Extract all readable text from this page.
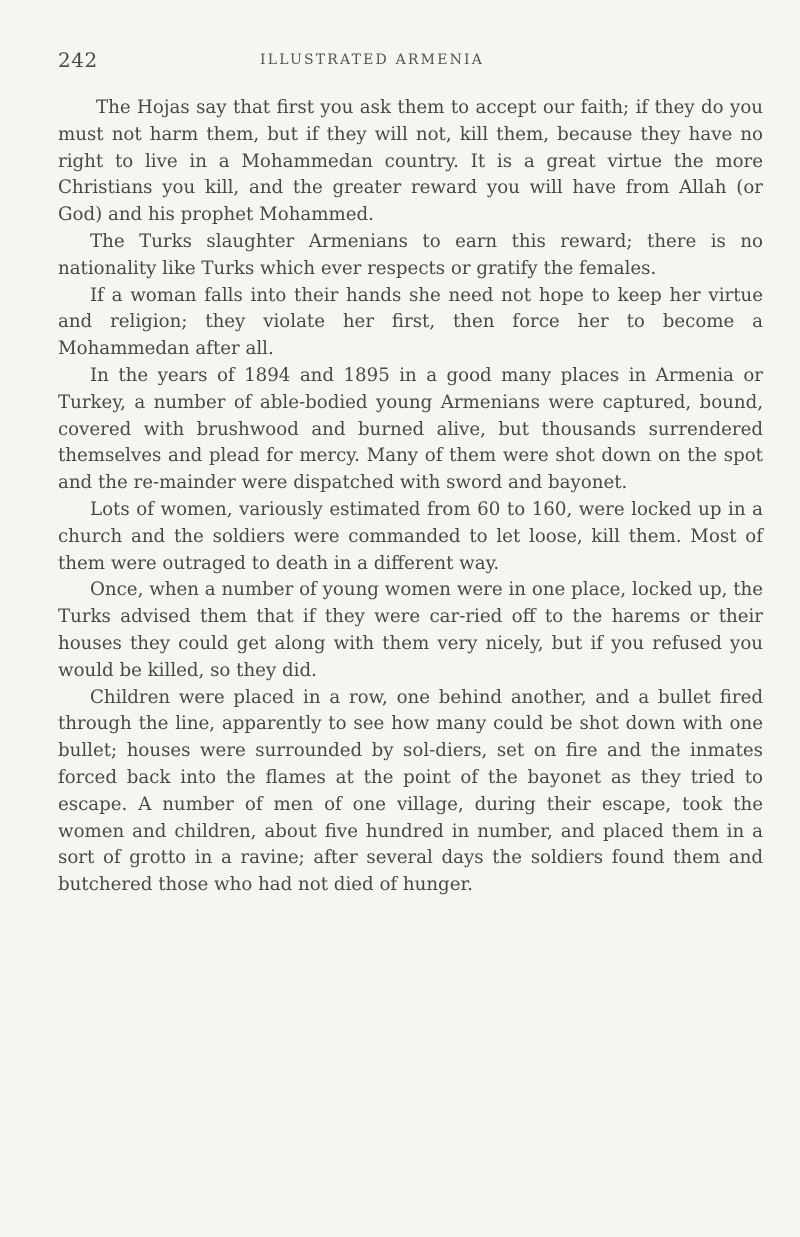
242	ILLUSTRATED ARMENIA

The Hojas say that first you ask them to accept our faith; if they do you must not harm them, but if they will not, kill them, because they have no right to live in a Mohammedan country. It is a great virtue the more Christians you kill, and the greater reward you will have from Allah (or God) and his prophet Mohammed.

The Turks slaughter Armenians to earn this reward; there is no nationality like Turks which ever respects or gratify the females.

If a woman falls into their hands she need not hope to keep her virtue and religion; they violate her first, then force her to become a Mohammedan after all.

In the years of 1894 and 1895 in a good many places in Armenia or Turkey, a number of able-bodied young Armenians were captured, bound, covered with brushwood and burned alive, but thousands surrendered themselves and plead for mercy. Many of them were shot down on the spot and the re-mainder were dispatched with sword and bayonet.

Lots of women, variously estimated from 60 to 160, were locked up in a church and the soldiers were commanded to let loose, kill them. Most of them were outraged to death in a different way.

Once, when a number of young women were in one place, locked up, the Turks advised them that if they were car-ried off to the harems or their houses they could get along with them very nicely, but if you refused you would be killed, so they did.

Children were placed in a row, one behind another, and a bullet fired through the line, apparently to see how many could be shot down with one bullet; houses were surrounded by sol-diers, set on fire and the inmates forced back into the flames at the point of the bayonet as they tried to escape. A number of men of one village, during their escape, took the women and children, about five hundred in number, and placed them in a sort of grotto in a ravine; after several days the soldiers found them and butchered those who had not died of hunger.
